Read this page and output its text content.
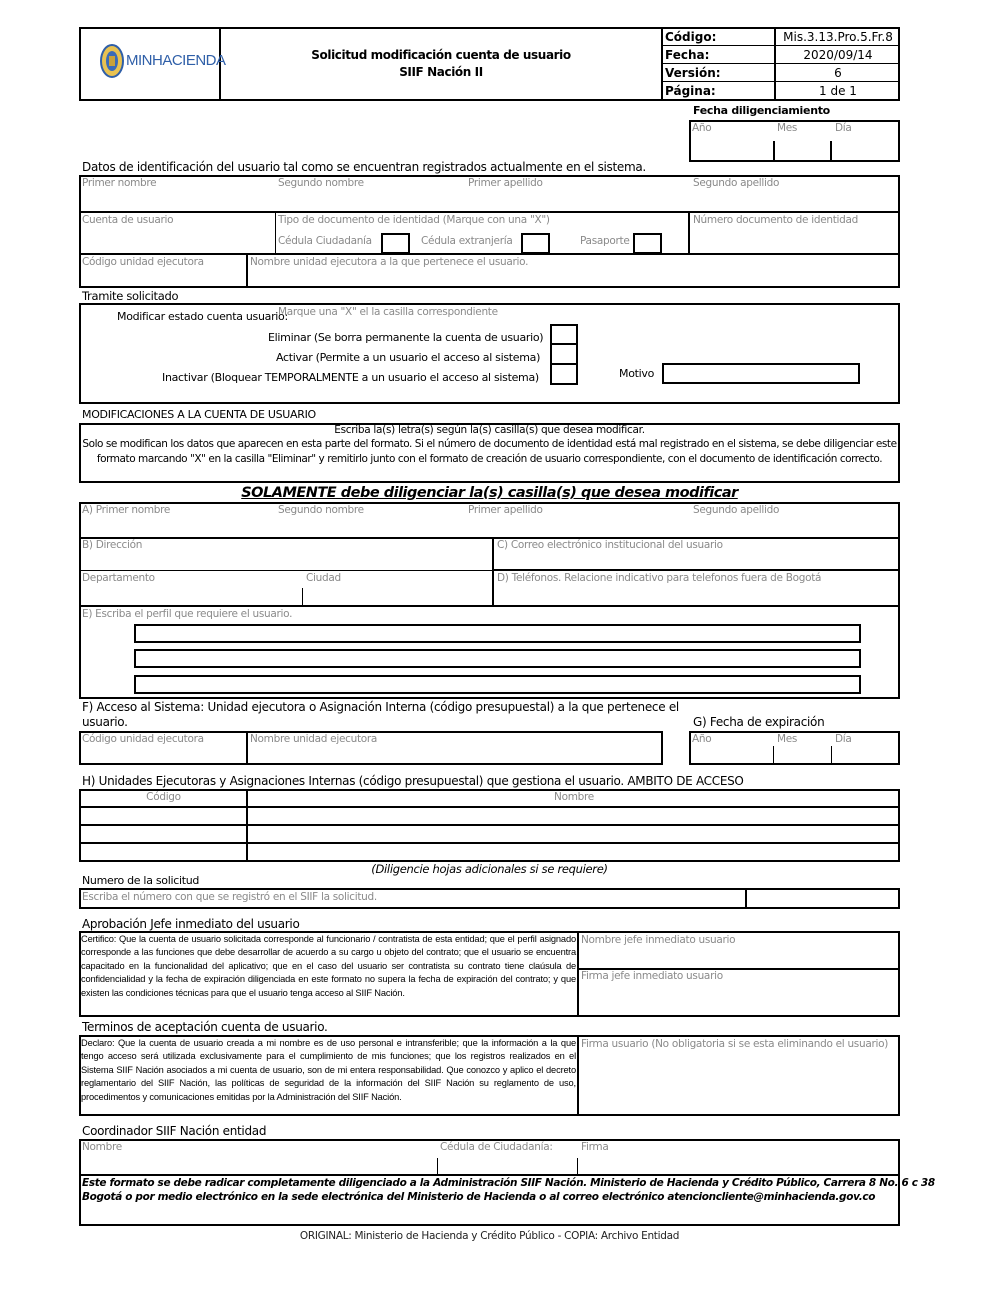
MINHACIENDA	Solicitud modificación cuenta de usuario
SIIF Nación II
Código:	Mis.3.13.Pro.5.Fr.8
Fecha:	2020/09/14
Versión:	6
Página:	1 de 1
Fecha diligenciamiento
Año	Mes	Día
Datos de identificación del usuario tal como se encuentran registrados actualmente en el sistema.
Primer nombre	Segundo nombre	Primer apellido	Segundo apellido
Cuenta de usuario	Tipo de documento de identidad (Marque con una "X")
Cédula Ciudadanía	Cédula extranjería	Pasaporte
Número documento de identidad
Código unidad ejecutora	Nombre unidad ejecutora a la que pertenece el usuario.
Tramite solicitado
Modificar estado cuenta usuario:
Marque una "X" el la casilla correspondiente
Eliminar (Se borra permanente la cuenta de usuario)
Activar (Permite a un usuario el acceso al sistema)
Inactivar (Bloquear TEMPORALMENTE a un usuario el acceso al sistema)	Motivo
MODIFICACIONES A LA CUENTA DE USUARIO
Escriba la(s) letra(s) según la(s) casilla(s) que desea modificar.
Solo se modifican los datos que aparecen en esta parte del formato. Si el número de documento de identidad está mal registrado en el sistema, se debe diligenciar este
formato marcando "X" en la casilla "Eliminar" y remitirlo junto con el formato de creación de usuario correspondiente, con el documento de identificación correcto.
SOLAMENTE debe diligenciar la(s) casilla(s) que desea modificar
A) Primer nombre	Segundo nombre	Primer apellido	Segundo apellido
B) Dirección	C) Correo electrónico institucional del usuario
Departamento	Ciudad	D) Teléfonos. Relacione indicativo para telefonos fuera de Bogotá
E) Escriba el perfil que requiere el usuario.
F) Acceso al Sistema: Unidad ejecutora o Asignación Interna (código presupuestal) a la que pertenece el
usuario.
Código unidad ejecutora	Nombre unidad ejecutora
G) Fecha de expiración
Año	Mes	Día
H) Unidades Ejecutoras y Asignaciones Internas (código presupuestal) que gestiona el usuario. AMBITO DE ACCESO
Código	Nombre
(Diligencie hojas adicionales si se requiere)
Numero de la solicitud
Escriba el número con que se registró en el SIIF la solicitud.
Aprobación Jefe inmediato del usuario
Certifico: Que la cuenta de usuario solicitada corresponde al funcionario / contratista de esta entidad; que el perfil asignado corresponde a las funciones que debe desarrollar de acuerdo a su cargo u objeto del contrato; que el usuario se encuentra capacitado en la funcionalidad del aplicativo; que en el caso del usuario ser contratista su contrato tiene claúsula de confidencialidad y la fecha de expiración diligenciada en este formato no supera la fecha de expiración del contrato; y que existen las condiciones técnicas para que el usuario tenga acceso al SIIF Nación.
Nombre jefe inmediato usuario
Firma jefe inmediato usuario
Terminos de aceptación cuenta de usuario.
Declaro: Que la cuenta de usuario creada a mi nombre es de uso personal e intransferible; que la información a la que tengo acceso será utilizada exclusivamente para el cumplimiento de mis funciones; que los registros realizados en el Sistema SIIF Nación asociados a mi cuenta de usuario, son de mi entera responsabilidad. Que conozco y aplico el decreto reglamentario del SIIF Nación, las políticas de seguridad de la información del SIIF Nación su reglamento de uso, procedimentos y comunicaciones emitidas por la Administración del SIIF Nación.
Firma usuario (No obligatoria si se esta eliminando el usuario)
Coordinador SIIF Nación entidad
Nombre	Cédula de Ciudadanía:	Firma
Este formato se debe radicar completamente diligenciado a la Administración SIIF Nación. Ministerio de Hacienda y Crédito Público, Carrera 8 No. 6 c 38
Bogotá o por medio electrónico en la sede electrónica del Ministerio de Hacienda o al correo electrónico atencioncliente@minhacienda.gov.co
ORIGINAL: Ministerio de Hacienda y Crédito Público - COPIA: Archivo Entidad
